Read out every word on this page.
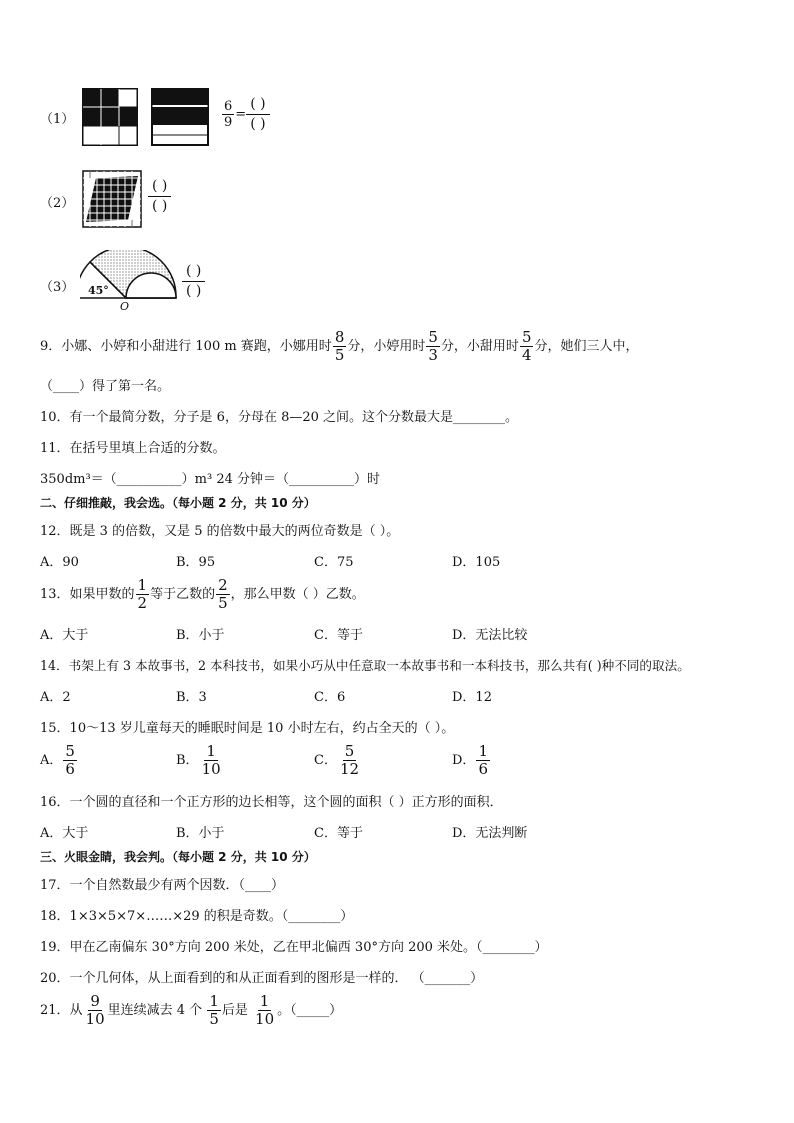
（1）	$\frac{6}{9} = \frac{( )}{( )}$
（2）	$\frac{( )}{( )}$
（3） 45°
O
$\frac{( )}{( )}$
9．小娜、小婷和小甜进行 100 m 赛跑，小娜用时 $\frac{8}{5}$ 分，小婷用时 $\frac{5}{3}$ 分，小甜用时 $\frac{5}{4}$ 分，她们三人中，
（____）得了第一名。
10．有一个最简分数，分子是 6，分母在 8—20 之间。这个分数最大是________。
11．在括号里填上合适的分数。
350dm³＝（__________）m³ 24 分钟＝（__________）时
二、仔细推敲，我会选。（每小题 2 分，共 10 分）
12．既是 3 的倍数，又是 5 的倍数中最大的两位奇数是（ ）。
A．90	B．95	C．75	D．105
13．如果甲数的 $\frac{1}{2}$ 等于乙数的 $\frac{2}{5}$ ，那么甲数（ ）乙数。
A．大于	B．小于	C．等于	D．无法比较
14．书架上有 3 本故事书，2 本科技书，如果小巧从中任意取一本故事书和一本科技书，那么共有( )种不同的取法。
A．2	B．3	C．6	D．12
15．10～13 岁儿童每天的睡眠时间是 10 小时左右，约占全天的（ ）。
A． $\frac{5}{6}$	B． $\frac{1}{10}$	C． $\frac{5}{12}$	D． $\frac{1}{6}$
16．一个圆的直径和一个正方形的边长相等，这个圆的面积（ ）正方形的面积．
A．大于	B．小于	C．等于	D．无法判断
三、火眼金睛，我会判。（每小题 2 分，共 10 分）
17．一个自然数最少有两个因数．（____）
18．1×3×5×7×……×29 的积是奇数。（________）
19．甲在乙南偏东 30°方向 200 米处，乙在甲北偏西 30°方向 200 米处。（________）
20．一个几何体，从上面看到的和从正面看到的图形是一样的． （_______）
21．从 $\frac{9}{10}$ 里连续减去 4 个 $\frac{1}{5}$ 后是 $\frac{1}{10}$ 。（_____）
